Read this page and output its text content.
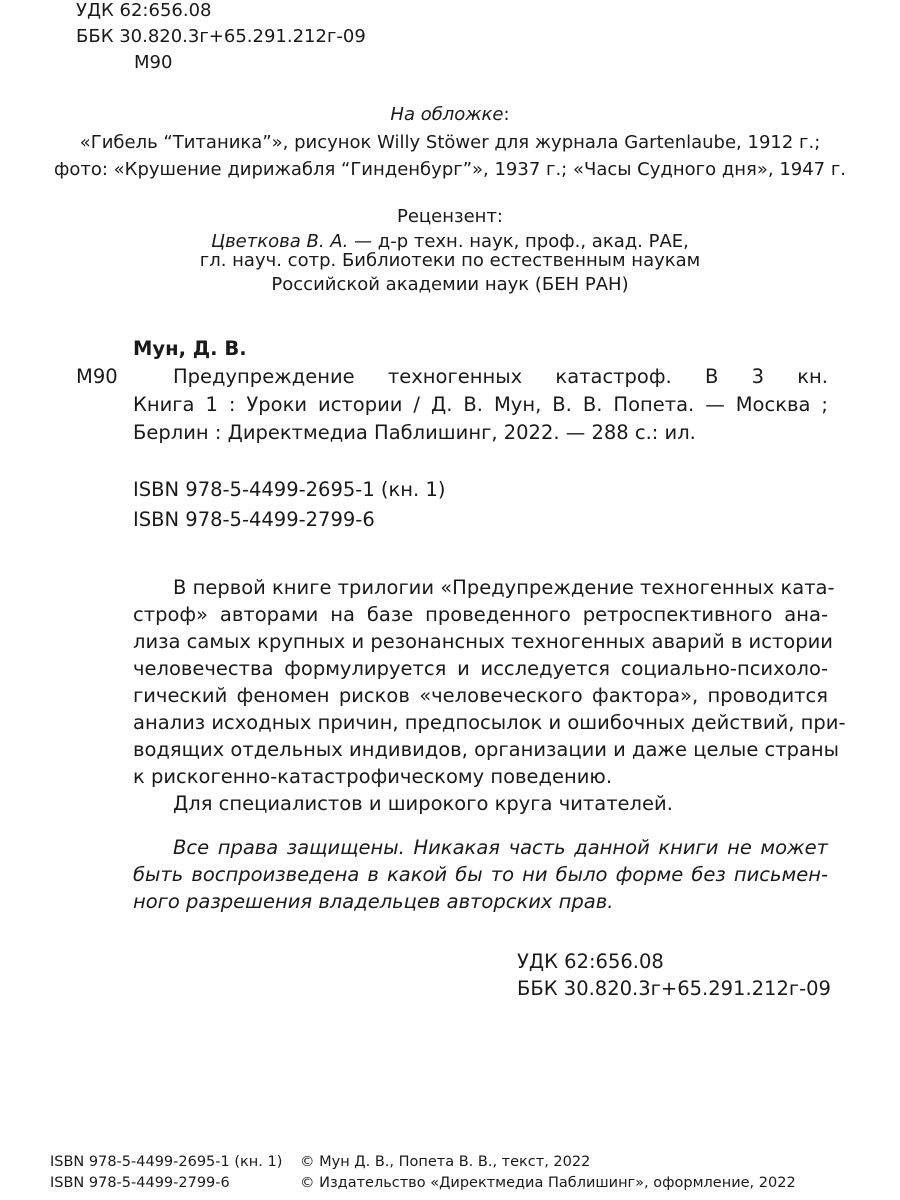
УДК 62:656.08
ББК 30.820.3г+65.291.212г-09
М90
На обложке:
«Гибель “Титаника”», рисунок Willy Stöwer для журнала Gartenlaube, 1912 г.;
фото: «Крушение дирижабля “Гинденбург”», 1937 г.; «Часы Судного дня», 1947 г.
Рецензент:
Цветкова В. А. — д-р техн. наук, проф., акад. РАЕ,
гл. науч. сотр. Библиотеки по естественным наукам
Российской академии наук (БЕН РАН)
Мун, Д. В.
М90	Предупреждение техногенных катастроф. В 3 кн.
Книга 1 : Уроки истории / Д. В. Мун, В. В. Попета. — Москва ;
Берлин : Директмедиа Паблишинг, 2022. — 288 с.: ил.
ISBN 978-5-4499-2695-1 (кн. 1)
ISBN 978-5-4499-2799-6
В первой книге трилогии «Предупреждение техногенных ката-
строф» авторами на базе проведенного ретроспективного ана-
лиза самых крупных и резонансных техногенных аварий в истории
человечества формулируется и исследуется социально-психоло-
гический феномен рисков «человеческого фактора», проводится
анализ исходных причин, предпосылок и ошибочных действий, при-
водящих отдельных индивидов, организации и даже целые страны
к рискогенно-катастрофическому поведению.
Для специалистов и широкого круга читателей.
Все права защищены. Никакая часть данной книги не может
быть воспроизведена в какой бы то ни было форме без письмен-
ного разрешения владельцев авторских прав.
УДК 62:656.08
ББК 30.820.3г+65.291.212г-09
ISBN 978-5-4499-2695-1 (кн. 1)
ISBN 978-5-4499-2799-6
© Мун Д. В., Попета В. В., текст, 2022
© Издательство «Директмедиа Паблишинг», оформление, 2022
